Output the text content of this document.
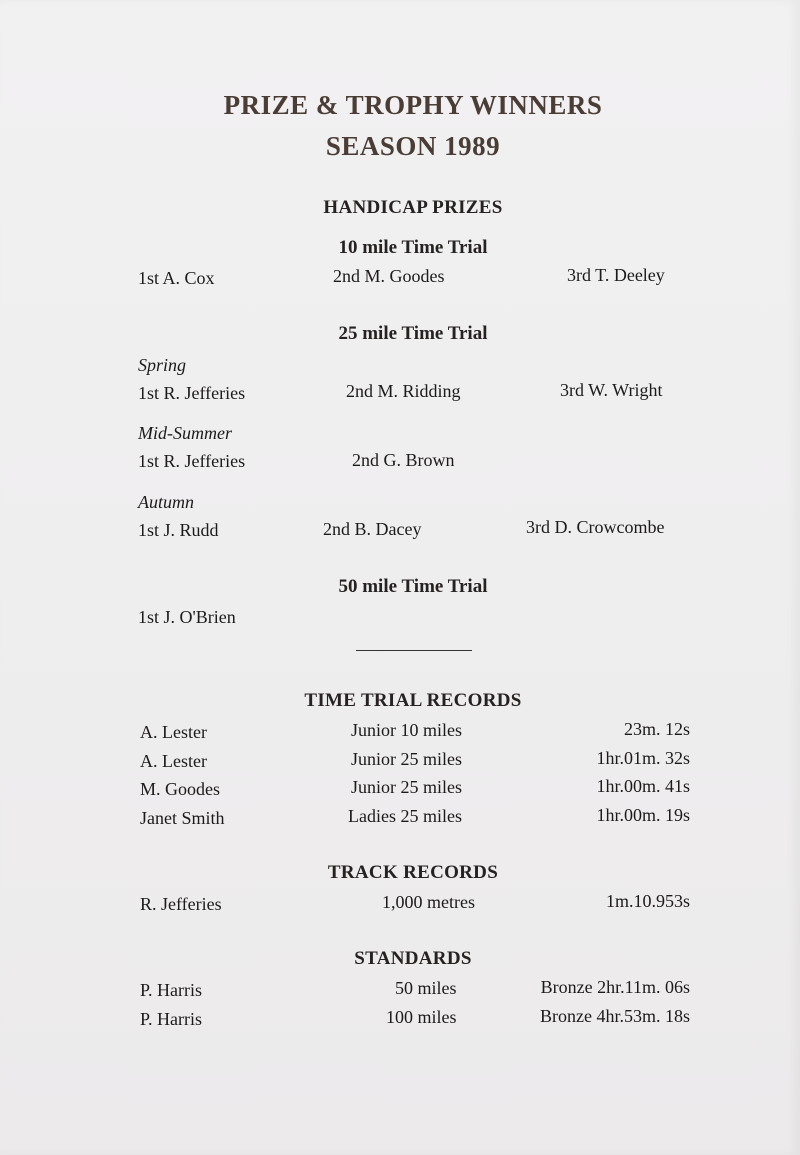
PRIZE & TROPHY WINNERS
SEASON 1989
HANDICAP PRIZES
10 mile Time Trial
1st A. Cox	2nd M. Goodes	3rd T. Deeley
25 mile Time Trial
Spring
1st R. Jefferies	2nd M. Ridding	3rd W. Wright
Mid-Summer
1st R. Jefferies	2nd G. Brown
Autumn
1st J. Rudd	2nd B. Dacey	3rd D. Crowcombe
50 mile Time Trial
1st J. O'Brien
TIME TRIAL RECORDS
A. Lester	Junior 10 miles	23m. 12s
A. Lester	Junior 25 miles	1hr.01m. 32s
M. Goodes	Junior 25 miles	1hr.00m. 41s
Janet Smith	Ladies 25 miles	1hr.00m. 19s
TRACK RECORDS
R. Jefferies	1,000 metres	1m.10.953s
STANDARDS
P. Harris	50 miles	Bronze 2hr.11m. 06s
P. Harris	100 miles	Bronze 4hr.53m. 18s
